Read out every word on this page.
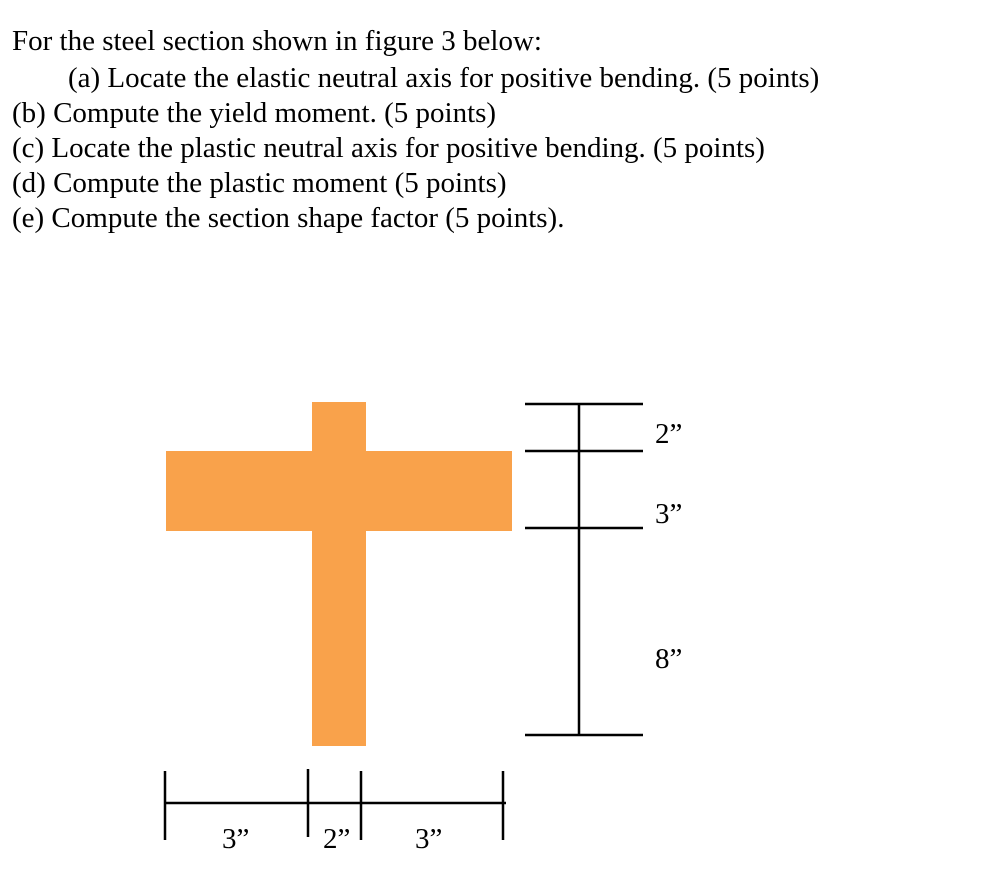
For the steel section shown in figure 3 below:
(a) Locate the elastic neutral axis for positive bending. (5 points)
(b) Compute the yield moment. (5 points)
(c) Locate the plastic neutral axis for positive bending. (5 points)
(d) Compute the plastic moment (5 points)
(e) Compute the section shape factor (5 points).
2”
3”
8”
3”	2” 3”
